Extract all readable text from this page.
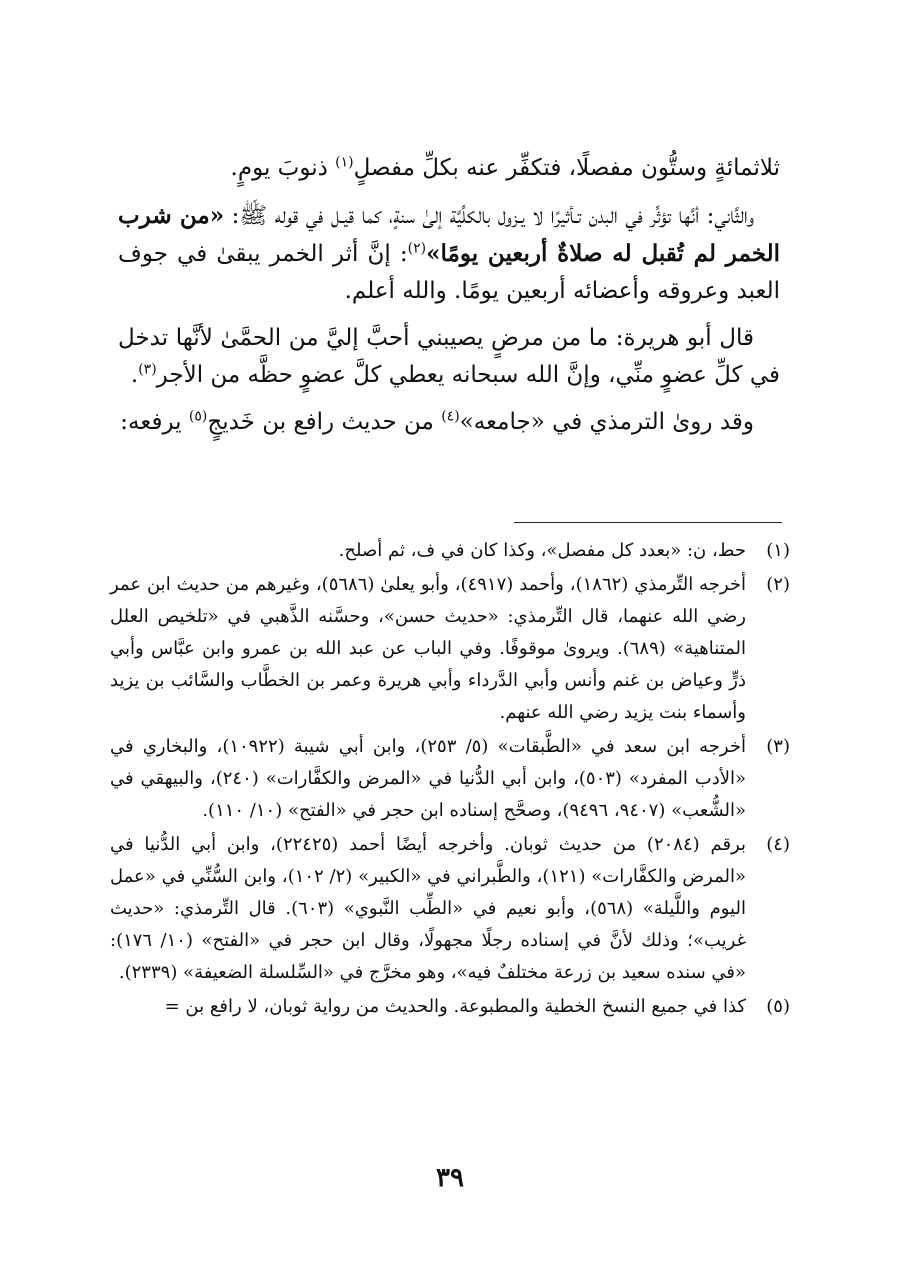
ثلاثمائةٍ وستُّون مفصلًا، فتكفِّر عنه بكلِّ مفصلٍ$^{(١)}$ ذنوبَ يومٍ.

والثَّاني: أنَّها تؤثِّر في البدن تـأثيرًا لا يـزول بالكلِّيَّة إلىٰ سنةٍ، كما قيـل في قوله ﷺ: «من شرب الخمر لم تُقبل له صلاةٌ أربعين يومًا»$^{(٢)}$: إنَّ أثر الخمر يبقىٰ في جوف العبد وعروقه وأعضائه أربعين يومًا. والله أعلم.

قال أبو هريرة: ما من مرضٍ يصيبني أحبَّ إليَّ من الحمَّىٰ لأنَّها تدخل في كلِّ عضوٍ منِّي، وإنَّ الله سبحانه يعطي كلَّ عضوٍ حظَّه من الأجر$^{(٣)}$.

وقد روىٰ الترمذي في «جامعه»$^{(٤)}$ من حديث رافع بن خَديجٍ$^{(٥)}$ يرفعه:

(١)
حط، ن: «بعدد كل مفصل»، وكذا كان في ف، ثم أصلح.
(٢)
أخرجه التِّرمذي (١٨٦٢)، وأحمد (٤٩١٧)، وأبو يعلىٰ (٥٦٨٦)، وغيرهم من حديث ابن عمر رضي الله عنهما، قال التِّرمذي: «حديث حسن»، وحسَّنه الذَّهبي في «تلخيص العلل المتناهية» (٦٨٩). ويروىٰ موقوفًا. وفي الباب عن عبد الله بن عمرو وابن عبَّاس وأبي ذرٍّ وعياض بن غنم وأنس وأبي الدَّرداء وأبي هريرة وعمر بن الخطَّاب والسَّائب بن يزيد وأسماء بنت يزيد رضي الله عنهم.
(٣)
أخرجه ابن سعد في «الطَّبقات» (٥/ ٢٥٣)، وابن أبي شيبة (١٠٩٢٢)، والبخاري في «الأدب المفرد» (٥٠٣)، وابن أبي الدُّنيا في «المرض والكفَّارات» (٢٤٠)، والبيهقي في «الشُّعب» (٩٤٠٧، ٩٤٩٦)، وصحَّح إسناده ابن حجر في «الفتح» (١٠/ ١١٠).
(٤)
برقم (٢٠٨٤) من حديث ثوبان. وأخرجه أيضًا أحمد (٢٢٤٢٥)، وابن أبي الدُّنيا في «المرض والكفَّارات» (١٢١)، والطَّبراني في «الكبير» (٢/ ١٠٢)، وابن السُّنِّي في «عمل اليوم واللَّيلة» (٥٦٨)، وأبو نعيم في «الطِّب النَّبوي» (٦٠٣). قال التِّرمذي: «حديث غريب»؛ وذلك لأنَّ في إسناده رجلًا مجهولًا، وقال ابن حجر في «الفتح» (١٠/ ١٧٦): «في سنده سعيد بن زرعة مختلفٌ فيه»، وهو مخرَّج في «السِّلسلة الضعيفة» (٢٣٣٩).
(٥)
كذا في جميع النسخ الخطية والمطبوعة. والحديث من رواية ثوبان، لا رافع بن =
٣٩
